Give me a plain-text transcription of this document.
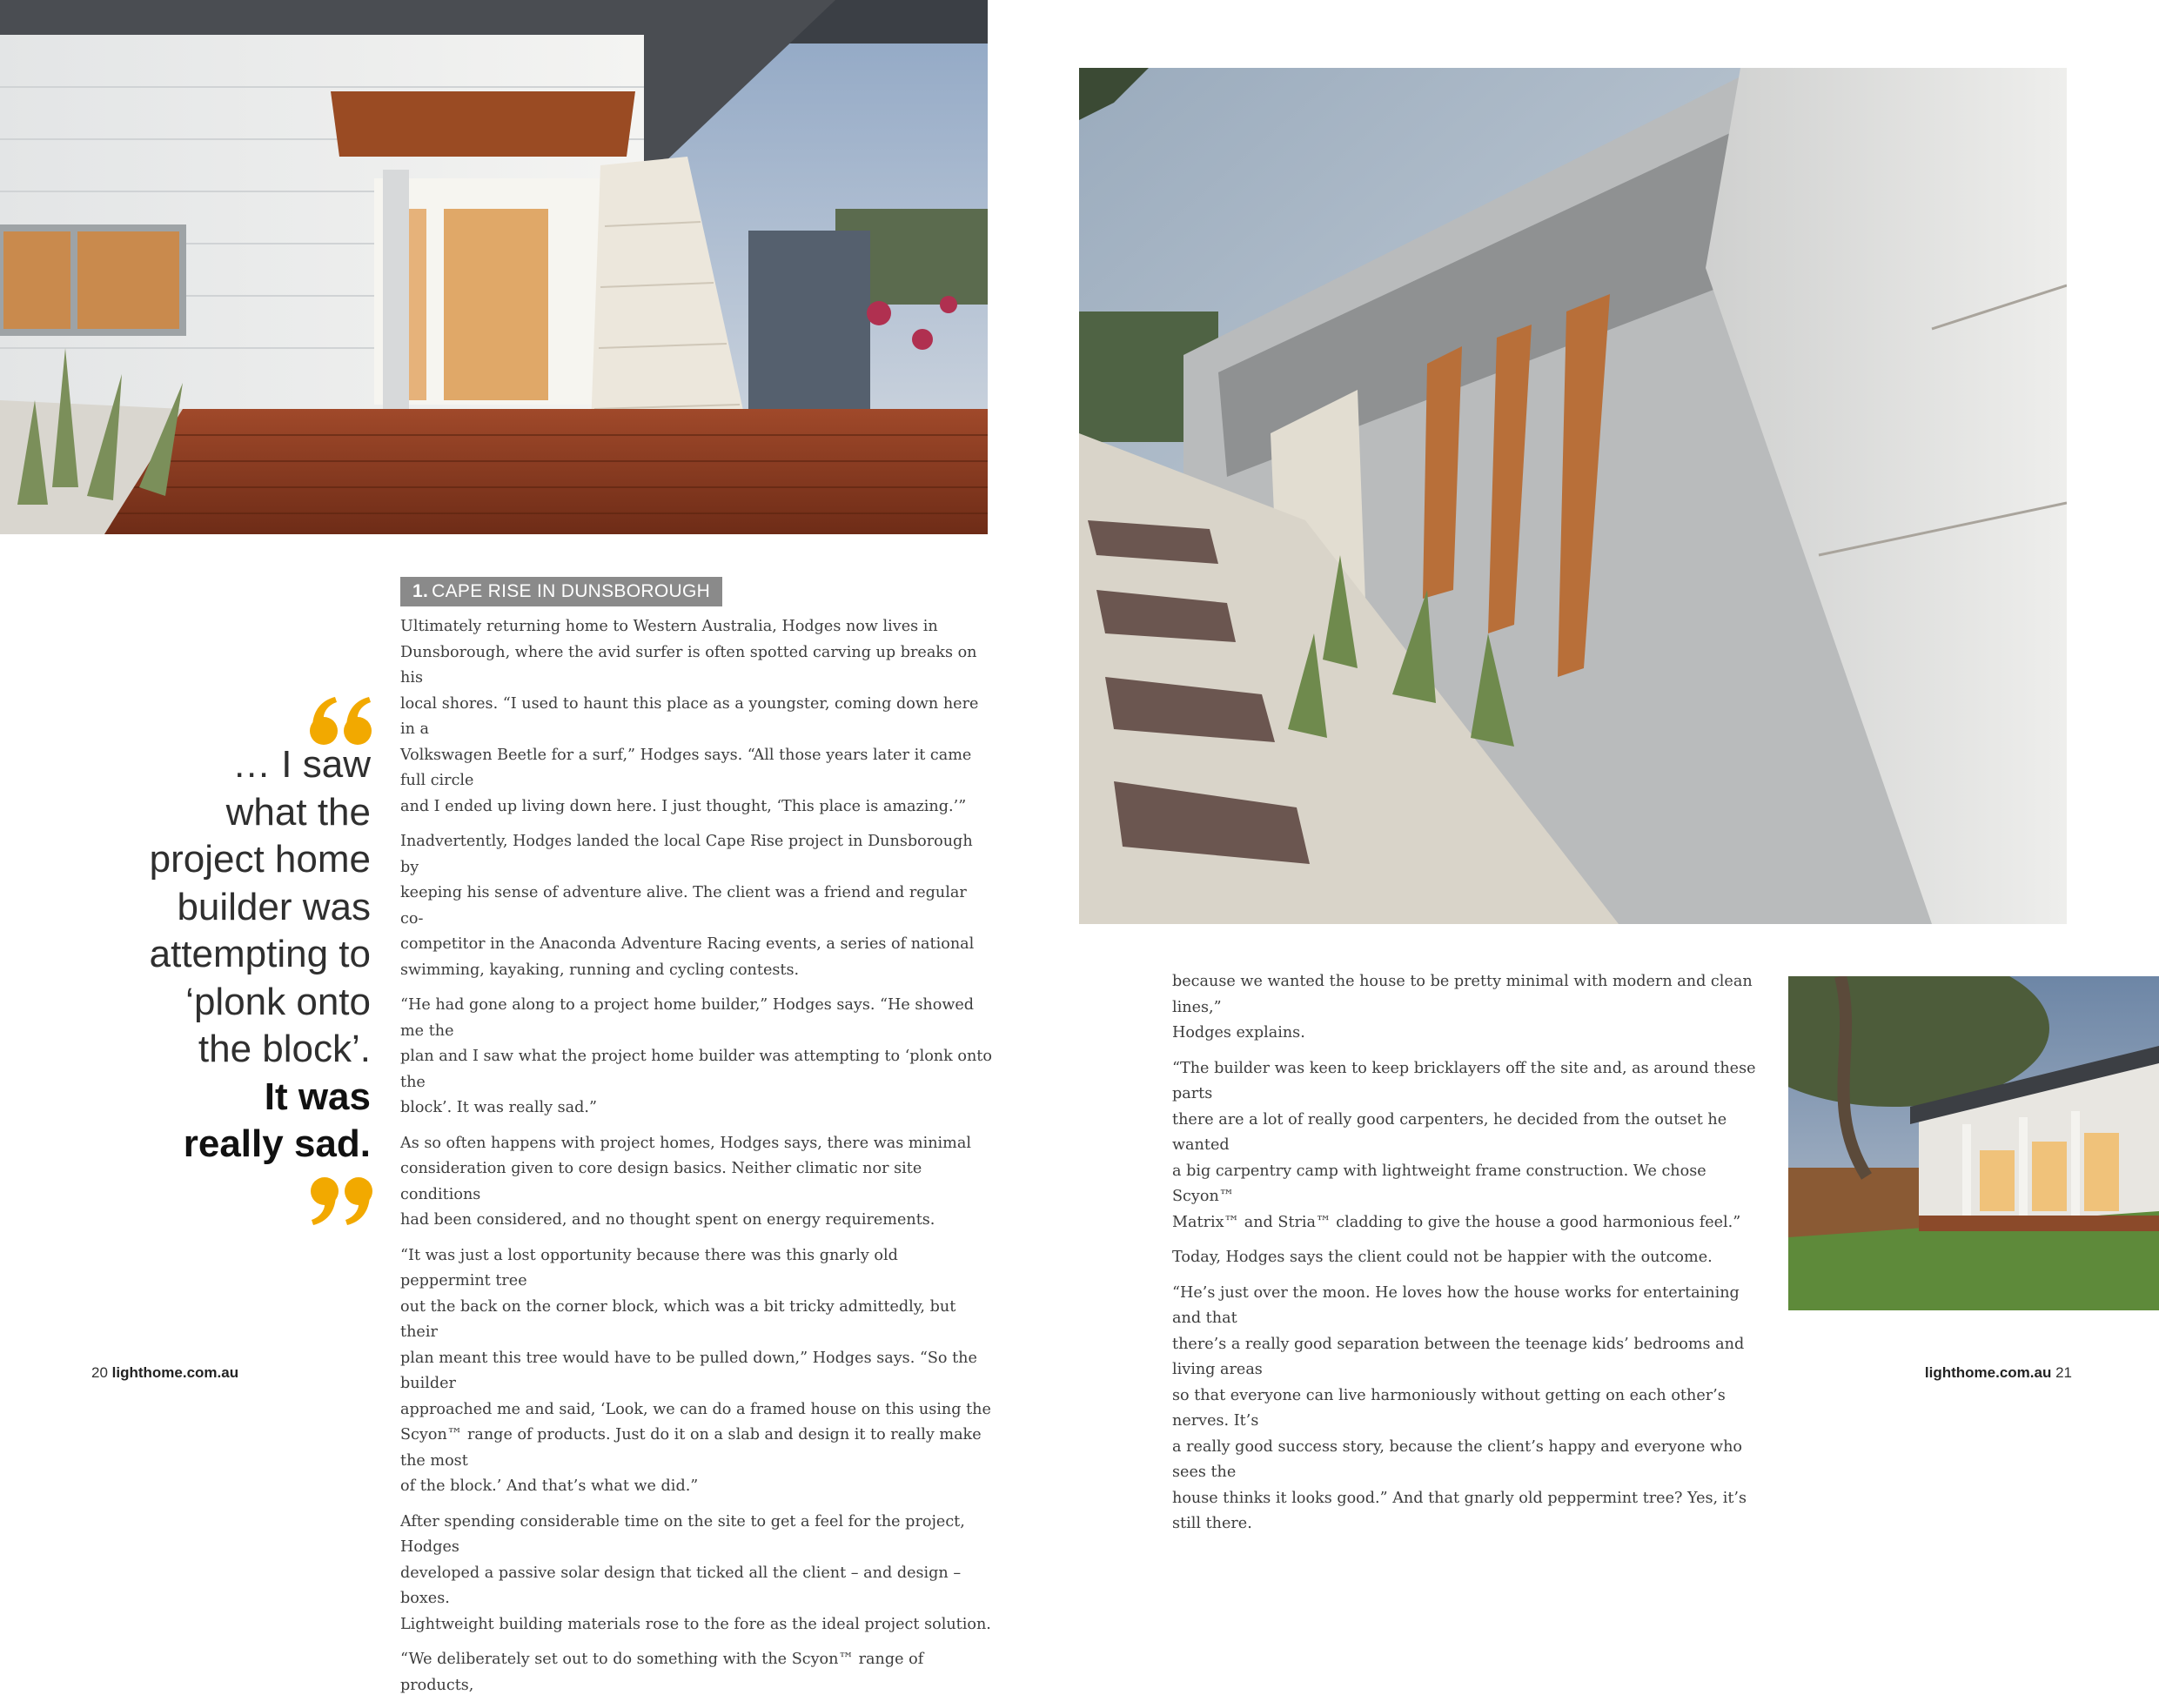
1. CAPE RISE IN DUNSBOROUGH
… I saw
what the
project home
builder was
attempting to
‘plonk onto
the block’.
It was
really sad.

Ultimately returning home to Western Australia, Hodges now lives in
Dunsborough, where the avid surfer is often spotted carving up breaks on his
local shores. “I used to haunt this place as a youngster, coming down here in a
Volkswagen Beetle for a surf,” Hodges says. “All those years later it came full circle
and I ended up living down here. I just thought, ‘This place is amazing.’”

Inadvertently, Hodges landed the local Cape Rise project in Dunsborough by
keeping his sense of adventure alive. The client was a friend and regular co-
competitor in the Anaconda Adventure Racing events, a series of national
swimming, kayaking, running and cycling contests.

“He had gone along to a project home builder,” Hodges says. “He showed me the
plan and I saw what the project home builder was attempting to ‘plonk onto the
block’. It was really sad.”

As so often happens with project homes, Hodges says, there was minimal
consideration given to core design basics. Neither climatic nor site conditions
had been considered, and no thought spent on energy requirements.

“It was just a lost opportunity because there was this gnarly old peppermint tree
out the back on the corner block, which was a bit tricky admittedly, but their
plan meant this tree would have to be pulled down,” Hodges says. “So the builder
approached me and said, ‘Look, we can do a framed house on this using the
Scyon™ range of products. Just do it on a slab and design it to really make the most
of the block.’ And that’s what we did.”

After spending considerable time on the site to get a feel for the project, Hodges
developed a passive solar design that ticked all the client – and design – boxes.
Lightweight building materials rose to the fore as the ideal project solution.

“We deliberately set out to do something with the Scyon™ range of products,

because we wanted the house to be pretty minimal with modern and clean lines,”
Hodges explains.

“The builder was keen to keep bricklayers off the site and, as around these parts
there are a lot of really good carpenters, he decided from the outset he wanted
a big carpentry camp with lightweight frame construction. We chose Scyon™
Matrix™ and Stria™ cladding to give the house a good harmonious feel.”

Today, Hodges says the client could not be happier with the outcome.

“He’s just over the moon. He loves how the house works for entertaining and that
there’s a really good separation between the teenage kids’ bedrooms and living areas
so that everyone can live harmoniously without getting on each other’s nerves. It’s
a really good success story, because the client’s happy and everyone who sees the
house thinks it looks good.” And that gnarly old peppermint tree? Yes, it’s still there.

20 lighthome.com.au	lighthome.com.au 21
